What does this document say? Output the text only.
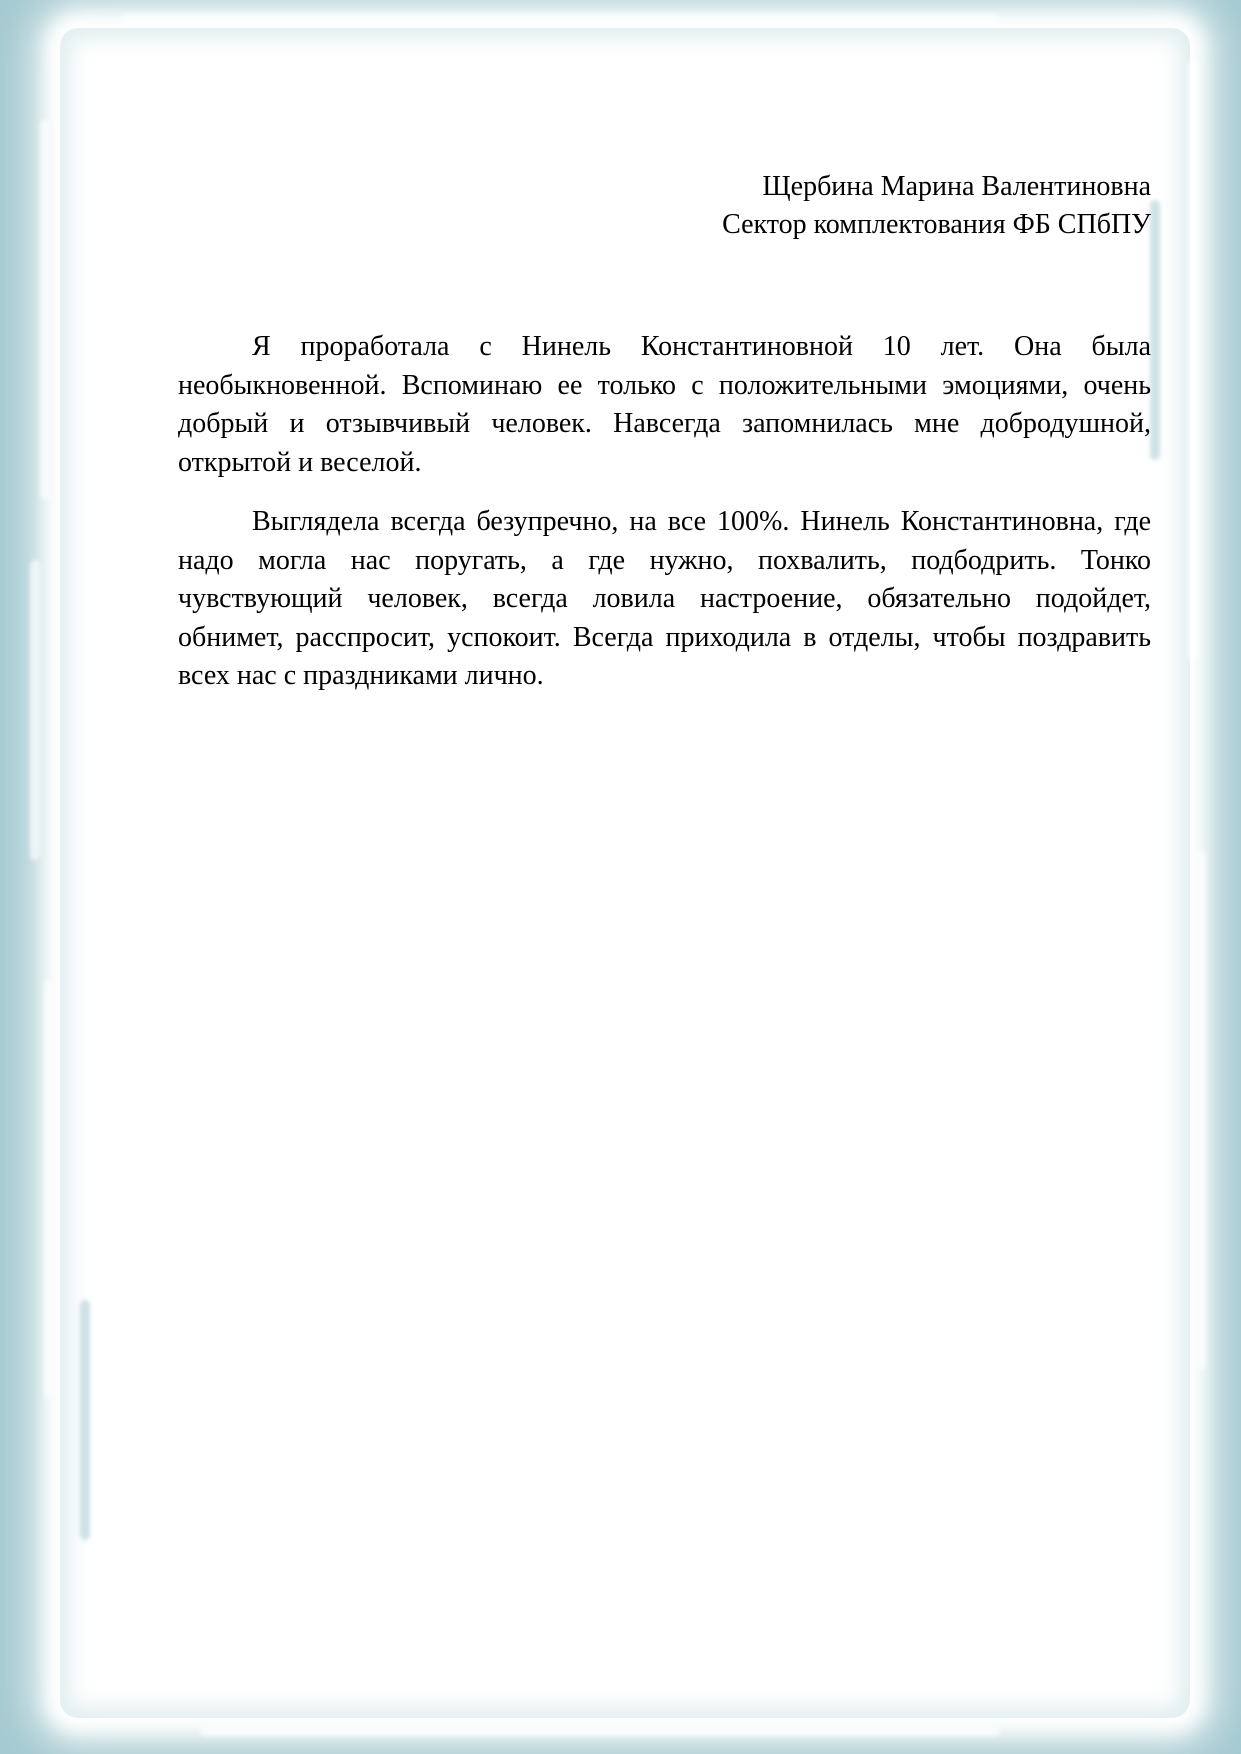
Щербина Марина Валентиновна
Сектор комплектования ФБ СПбПУ

Я проработала с Нинель Константиновной 10 лет. Она была необыкновенной. Вспоминаю ее только с положительными эмоциями, очень добрый и отзывчивый человек. Навсегда запомнилась мне добродушной, открытой и веселой.

Выглядела всегда безупречно, на все 100%. Нинель Константиновна, где надо могла нас поругать, а где нужно, похвалить, подбодрить. Тонко чувствующий человек, всегда ловила настроение, обязательно подойдет, обнимет, расспросит, успокоит. Всегда приходила в отделы, чтобы поздравить всех нас с праздниками лично.
